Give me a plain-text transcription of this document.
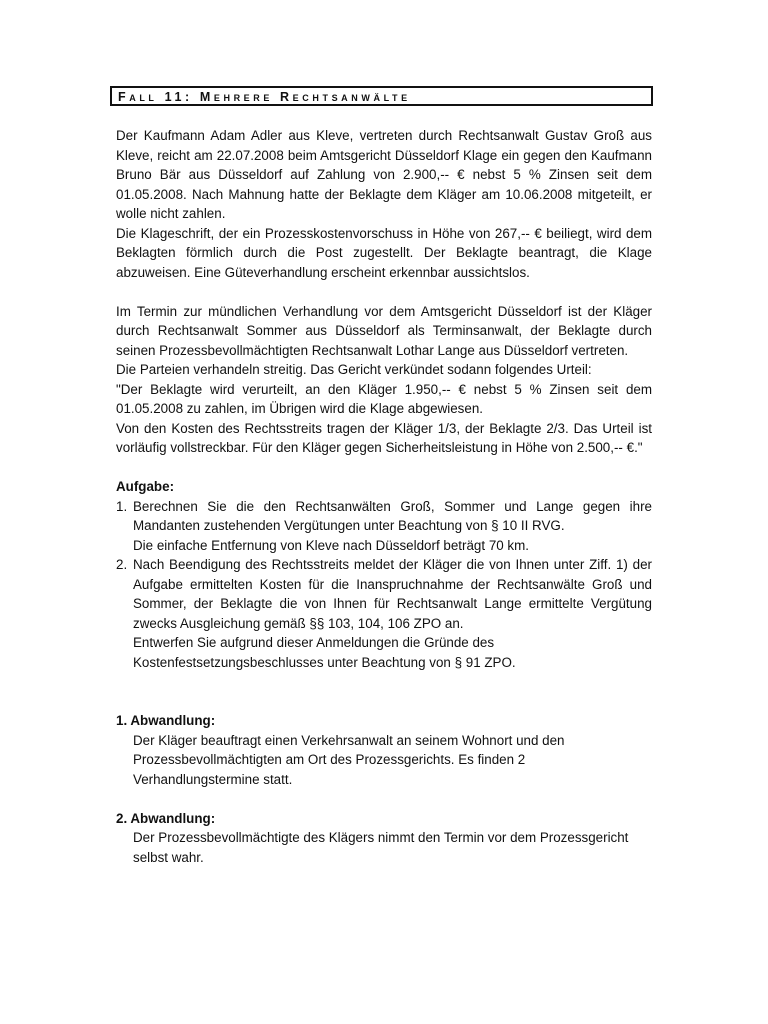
Fall 11: Mehrere Rechtsanwälte

Der Kaufmann Adam Adler aus Kleve, vertreten durch Rechtsanwalt Gustav Groß aus Kleve, reicht am 22.07.2008 beim Amtsgericht Düsseldorf Klage ein gegen den Kaufmann Bruno Bär aus Düsseldorf auf Zahlung von 2.900,-- € nebst 5 % Zinsen seit dem 01.05.2008. Nach Mahnung hatte der Beklagte dem Kläger am 10.06.2008 mitgeteilt, er wolle nicht zahlen.

Die Klageschrift, der ein Prozesskostenvorschuss in Höhe von 267,-- € beiliegt, wird dem Beklagten förmlich durch die Post zugestellt. Der Beklagte beantragt, die Klage abzuweisen. Eine Güteverhandlung erscheint erkennbar aussichtslos.

Im Termin zur mündlichen Verhandlung vor dem Amtsgericht Düsseldorf ist der Kläger durch Rechtsanwalt Sommer aus Düsseldorf als Terminsanwalt, der Beklagte durch seinen Prozessbevollmächtigten Rechtsanwalt Lothar Lange aus Düsseldorf vertreten.

Die Parteien verhandeln streitig. Das Gericht verkündet sodann folgendes Urteil:

"Der Beklagte wird verurteilt, an den Kläger 1.950,-- € nebst 5 % Zinsen seit dem 01.05.2008 zu zahlen, im Übrigen wird die Klage abgewiesen.

Von den Kosten des Rechtsstreits tragen der Kläger 1/3, der Beklagte 2/3. Das Urteil ist vorläufig vollstreckbar. Für den Kläger gegen Sicherheitsleistung in Höhe von 2.500,-- €."

Aufgabe:

1. Berechnen Sie die den Rechtsanwälten Groß, Sommer und Lange gegen ihre Mandanten zustehenden Vergütungen unter Beachtung von § 10 II RVG.
Die einfache Entfernung von Kleve nach Düsseldorf beträgt 70 km.
2. Nach Beendigung des Rechtsstreits meldet der Kläger die von Ihnen unter Ziff. 1) der Aufgabe ermittelten Kosten für die Inanspruchnahme der Rechtsanwälte Groß und Sommer, der Beklagte die von Ihnen für Rechtsanwalt Lange ermittelte Vergütung zwecks Ausgleichung gemäß §§ 103, 104, 106 ZPO an.
Entwerfen Sie aufgrund dieser Anmeldungen die Gründe des Kostenfestsetzungsbeschlusses unter Beachtung von § 91 ZPO.

1. Abwandlung:

Der Kläger beauftragt einen Verkehrsanwalt an seinem Wohnort und den Prozessbevollmächtigten am Ort des Prozessgerichts. Es finden 2 Verhandlungstermine statt.

2. Abwandlung:

Der Prozessbevollmächtigte des Klägers nimmt den Termin vor dem Prozessgericht selbst wahr.
